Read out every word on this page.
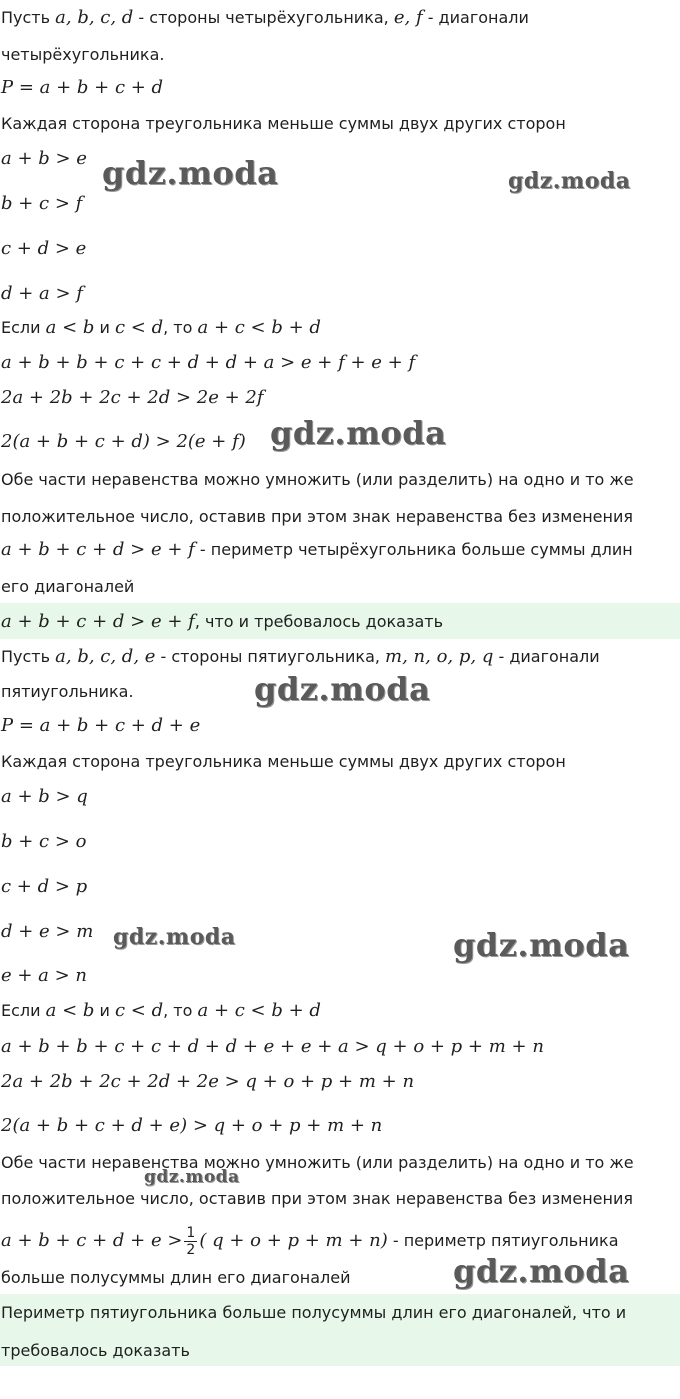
Пусть a, b, c, d - стороны четырёхугольника, e, f - диагонали
четырёхугольника.
P = a + b + c + d
Каждая сторона треугольника меньше суммы двух других сторон
a + b > e
b + c > f
c + d > e
d + a > f
Если a < b и c < d, то a + c < b + d
a + b + b + c + c + d + d + a > e + f + e + f
2a + 2b + 2c + 2d > 2e + 2f
2(a + b + c + d) > 2(e + f)
Обе части неравенства можно умножить (или разделить) на одно и то же
положительное число, оставив при этом знак неравенства без изменения
a + b + c + d > e + f - периметр четырёхугольника больше суммы длин
его диагоналей
a + b + c + d > e + f, что и требовалось доказать
Пусть a, b, c, d, e - стороны пятиугольника, m, n, o, p, q - диагонали
пятиугольника.
P = a + b + c + d + e
Каждая сторона треугольника меньше суммы двух других сторон
a + b > q
b + c > o
c + d > p
d + e > m
e + a > n
Если a < b и c < d, то a + c < b + d
a + b + b + c + c + d + d + e + e + a > q + o + p + m + n
2a + 2b + 2c + 2d + 2e > q + o + p + m + n
2(a + b + c + d + e) > q + o + p + m + n
Обе части неравенства можно умножить (или разделить) на одно и то же
положительное число, оставив при этом знак неравенства без изменения
$a + b + c + d + e > \frac{1}{2}$ ( q + o + p + m + n) - периметр пятиугольника
больше полусуммы длин его диагоналей
Периметр пятиугольника больше полусуммы длин его диагоналей, что и
требовалось доказать
gdz.moda	gdz.moda
gdz.moda
gdz.moda
gdz.moda	gdz.moda
gdz.moda
gdz.moda
